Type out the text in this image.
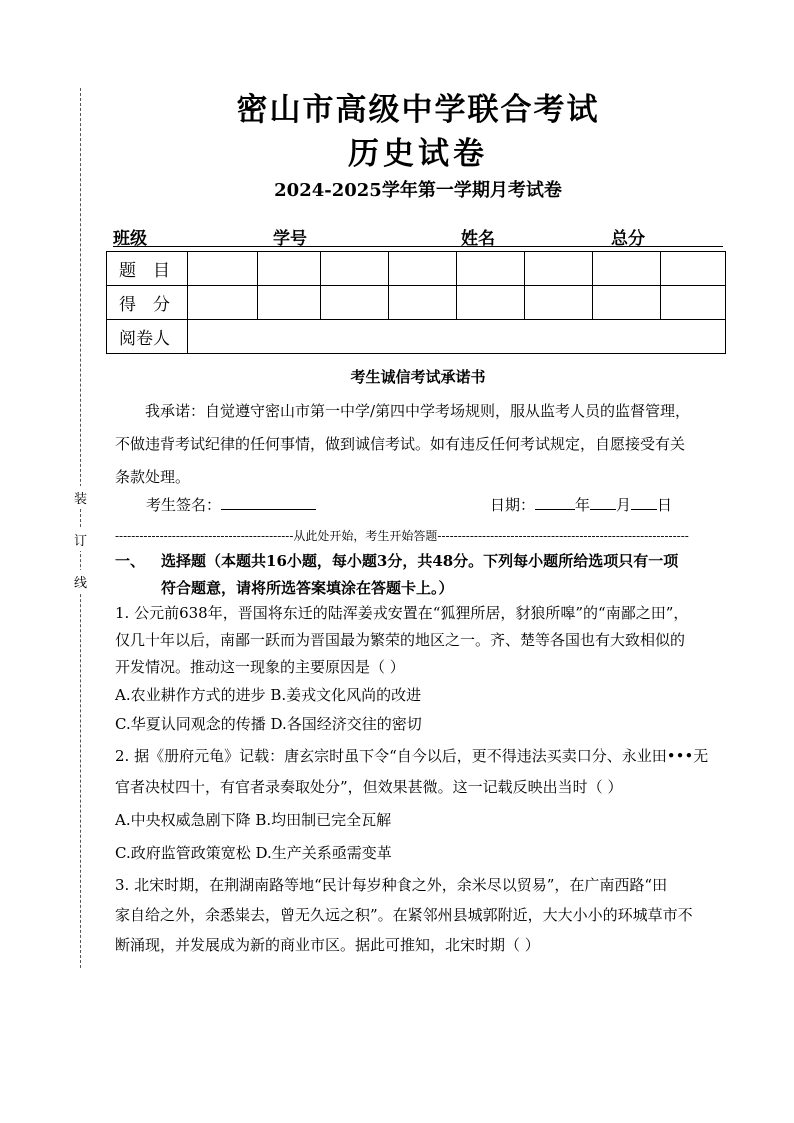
装
订
线
密山市高级中学联合考试
历史试卷
2024-2025学年第一学期月考试卷
班级	学号	姓名	总分
题　目								
得　分								
阅卷人								
考生诚信考试承诺书
我承诺：自觉遵守密山市第一中学/第四中学考场规则，服从监考人员的监督管理，
不做违背考试纪律的任何事情，做到诚信考试。如有违反任何考试规定，自愿接受有关
条款处理。
考生签名：	日期：	年 月 日
--------------------------------------------从此处开始，考生开始答题--------------------------------------------------------------
一、 选择题（本题共16小题，每小题3分，共48分。下列每小题所给选项只有一项
符合题意，请将所选答案填涂在答题卡上。）
1. 公元前638年，晋国将东迁的陆浑姜戎安置在“狐狸所居，豺狼所嗥”的“南鄙之田”，
仅几十年以后，南鄙一跃而为晋国最为繁荣的地区之一。齐、楚等各国也有大致相似的
开发情况。推动这一现象的主要原因是（ ）
A.农业耕作方式的进步 B.姜戎文化风尚的改进
C.华夏认同观念的传播 D.各国经济交往的密切
2. 据《册府元龟》记载：唐玄宗时虽下令“自今以后，更不得违法买卖口分、永业田•••无
官者决杖四十，有官者录奏取处分”，但效果甚微。这一记载反映出当时（ ）
A.中央权威急剧下降 B.均田制已完全瓦解
C.政府监管政策宽松 D.生产关系亟需变革
3. 北宋时期，在荆湖南路等地“民计每岁种食之外，余米尽以贸易”，在广南西路“田
家自给之外，余悉粜去，曾无久远之积”。在紧邻州县城郭附近，大大小小的环城草市不
断涌现，并发展成为新的商业市区。据此可推知，北宋时期（ ）
